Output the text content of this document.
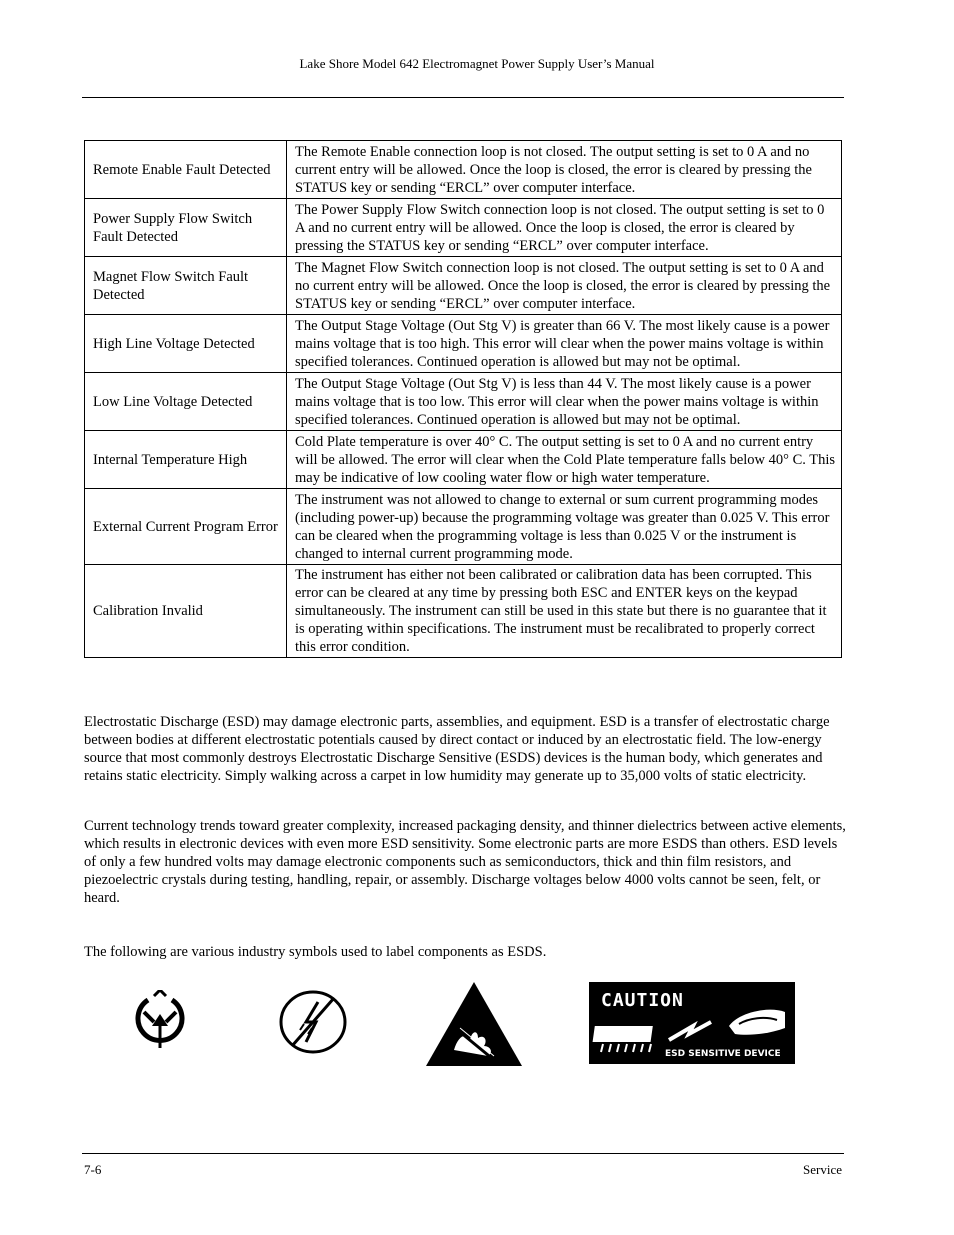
Lake Shore Model 642 Electromagnet Power Supply User’s Manual
Remote Enable Fault Detected	The Remote Enable connection loop is not closed. The output setting is set to 0 A and no current entry will be allowed. Once the loop is closed, the error is cleared by pressing the STATUS key or sending “ERCL” over computer interface.
Power Supply Flow Switch Fault Detected	The Power Supply Flow Switch connection loop is not closed. The output setting is set to 0 A and no current entry will be allowed. Once the loop is closed, the error is cleared by pressing the STATUS key or sending “ERCL” over computer interface.
Magnet Flow Switch Fault Detected	The Magnet Flow Switch connection loop is not closed. The output setting is set to 0 A and no current entry will be allowed. Once the loop is closed, the error is cleared by pressing the STATUS key or sending “ERCL” over computer interface.
High Line Voltage Detected	The Output Stage Voltage (Out Stg V) is greater than 66 V. The most likely cause is a power mains voltage that is too high. This error will clear when the power mains voltage is within specified tolerances. Continued operation is allowed but may not be optimal.
Low Line Voltage Detected	The Output Stage Voltage (Out Stg V) is less than 44 V. The most likely cause is a power mains voltage that is too low. This error will clear when the power mains voltage is within specified tolerances. Continued operation is allowed but may not be optimal.
Internal Temperature High	Cold Plate temperature is over 40° C. The output setting is set to 0 A and no current entry will be allowed. The error will clear when the Cold Plate temperature falls below 40° C. This may be indicative of low cooling water flow or high water temperature.
External Current Program Error	The instrument was not allowed to change to external or sum current programming modes (including power-up) because the programming voltage was greater than 0.025 V. This error can be cleared when the programming voltage is less than 0.025 V or the instrument is changed to internal current programming mode.
Calibration Invalid	The instrument has either not been calibrated or calibration data has been corrupted. This error can be cleared at any time by pressing both ESC and ENTER keys on the keypad simultaneously. The instrument can still be used in this state but there is no guarantee that it is operating within specifications. The instrument must be recalibrated to properly correct this error condition.
Electrostatic Discharge (ESD) may damage electronic parts, assemblies, and equipment. ESD is a transfer of electrostatic charge between bodies at different electrostatic potentials caused by direct contact or induced by an electrostatic field. The low-energy source that most commonly destroys Electrostatic Discharge Sensitive (ESDS) devices is the human body, which generates and retains static electricity. Simply walking across a carpet in low humidity may generate up to 35,000 volts of static electricity.
Current technology trends toward greater complexity, increased packaging density, and thinner dielectrics between active elements, which results in electronic devices with even more ESD sensitivity. Some electronic parts are more ESDS than others. ESD levels of only a few hundred volts may damage electronic components such as semiconductors, thick and thin film resistors, and piezoelectric crystals during testing, handling, repair, or assembly. Discharge voltages below 4000 volts cannot be seen, felt, or heard.
The following are various industry symbols used to label components as ESDS.
CAUTION
ESD SENSITIVE DEVICE
7-6	Service
